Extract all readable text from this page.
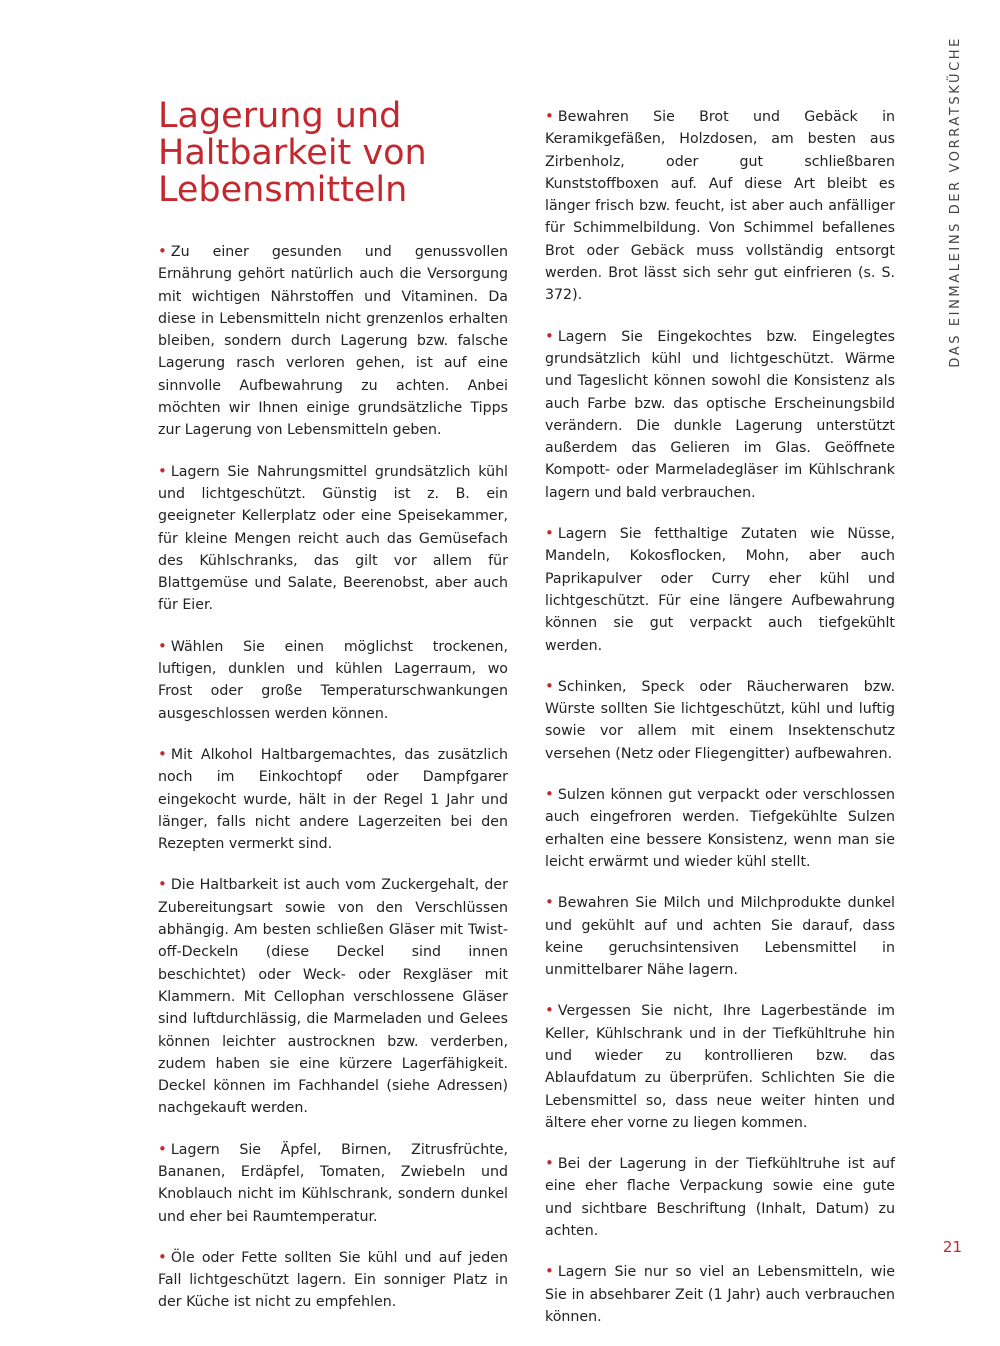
Lagerung und
Haltbarkeit von
Lebensmitteln

• Zu einer gesunden und genussvollen Ernährung gehört natürlich auch die Versorgung mit wichtigen Nährstoffen und Vitaminen. Da diese in Lebensmitteln nicht grenzenlos erhalten bleiben, sondern durch Lagerung bzw. falsche Lagerung rasch verloren gehen, ist auf eine sinnvolle Aufbewahrung zu achten. Anbei möchten wir Ihnen einige grundsätzliche Tipps zur Lagerung von Lebensmitteln geben.

• Lagern Sie Nahrungsmittel grundsätzlich kühl und lichtgeschützt. Günstig ist z. B. ein geeigneter Kellerplatz oder eine Speisekammer, für kleine Mengen reicht auch das Gemüsefach des Kühlschranks, das gilt vor allem für Blattgemüse und Salate, Beerenobst, aber auch für Eier.

• Wählen Sie einen möglichst trockenen, luftigen, dunklen und kühlen Lagerraum, wo Frost oder große Temperaturschwankungen ausgeschlossen werden können.

• Mit Alkohol Haltbargemachtes, das zusätzlich noch im Einkochtopf oder Dampfgarer eingekocht wurde, hält in der Regel 1 Jahr und länger, falls nicht andere Lagerzeiten bei den Rezepten vermerkt sind.

• Die Haltbarkeit ist auch vom Zuckergehalt, der Zubereitungsart sowie von den Verschlüssen abhängig. Am besten schließen Gläser mit Twist-off-Deckeln (diese Deckel sind innen beschichtet) oder Weck- oder Rexgläser mit Klammern. Mit Cellophan verschlossene Gläser sind luftdurchlässig, die Marmeladen und Gelees können leichter austrocknen bzw. verderben, zudem haben sie eine kürzere Lagerfähigkeit. Deckel können im Fachhandel (siehe Adressen) nachgekauft werden.

• Lagern Sie Äpfel, Birnen, Zitrusfrüchte, Bananen, Erdäpfel, Tomaten, Zwiebeln und Knoblauch nicht im Kühlschrank, sondern dunkel und eher bei Raumtemperatur.

• Öle oder Fette sollten Sie kühl und auf jeden Fall lichtgeschützt lagern. Ein sonniger Platz in der Küche ist nicht zu empfehlen.

• Bewahren Sie Brot und Gebäck in Keramikgefäßen, Holzdosen, am besten aus Zirbenholz, oder gut schließbaren Kunststoffboxen auf. Auf diese Art bleibt es länger frisch bzw. feucht, ist aber auch anfälliger für Schimmelbildung. Von Schimmel befallenes Brot oder Gebäck muss vollständig entsorgt werden. Brot lässt sich sehr gut einfrieren (s. S. 372).

• Lagern Sie Eingekochtes bzw. Eingelegtes grundsätzlich kühl und lichtgeschützt. Wärme und Tageslicht können sowohl die Konsistenz als auch Farbe bzw. das optische Erscheinungsbild verändern. Die dunkle Lagerung unterstützt außerdem das Gelieren im Glas. Geöffnete Kompott- oder Marmeladegläser im Kühlschrank lagern und bald verbrauchen.

• Lagern Sie fetthaltige Zutaten wie Nüsse, Mandeln, Kokosflocken, Mohn, aber auch Paprikapulver oder Curry eher kühl und lichtgeschützt. Für eine längere Aufbewahrung können sie gut verpackt auch tiefgekühlt werden.

• Schinken, Speck oder Räucherwaren bzw. Würste sollten Sie lichtgeschützt, kühl und luftig sowie vor allem mit einem Insektenschutz versehen (Netz oder Fliegengitter) aufbewahren.

• Sulzen können gut verpackt oder verschlossen auch eingefroren werden. Tiefgekühlte Sulzen erhalten eine bessere Konsistenz, wenn man sie leicht erwärmt und wieder kühl stellt.

• Bewahren Sie Milch und Milchprodukte dunkel und gekühlt auf und achten Sie darauf, dass keine geruchsintensiven Lebensmittel in unmittelbarer Nähe lagern.

• Vergessen Sie nicht, Ihre Lagerbestände im Keller, Kühlschrank und in der Tiefkühltruhe hin und wieder zu kontrollieren bzw. das Ablaufdatum zu überprüfen. Schlichten Sie die Lebensmittel so, dass neue weiter hinten und ältere eher vorne zu liegen kommen.

• Bei der Lagerung in der Tiefkühltruhe ist auf eine eher flache Verpackung sowie eine gute und sichtbare Beschriftung (Inhalt, Datum) zu achten.

• Lagern Sie nur so viel an Lebensmitteln, wie Sie in absehbarer Zeit (1 Jahr) auch verbrauchen können.

DAS EINMALEINS DER VORRATSKÜCHE
21
